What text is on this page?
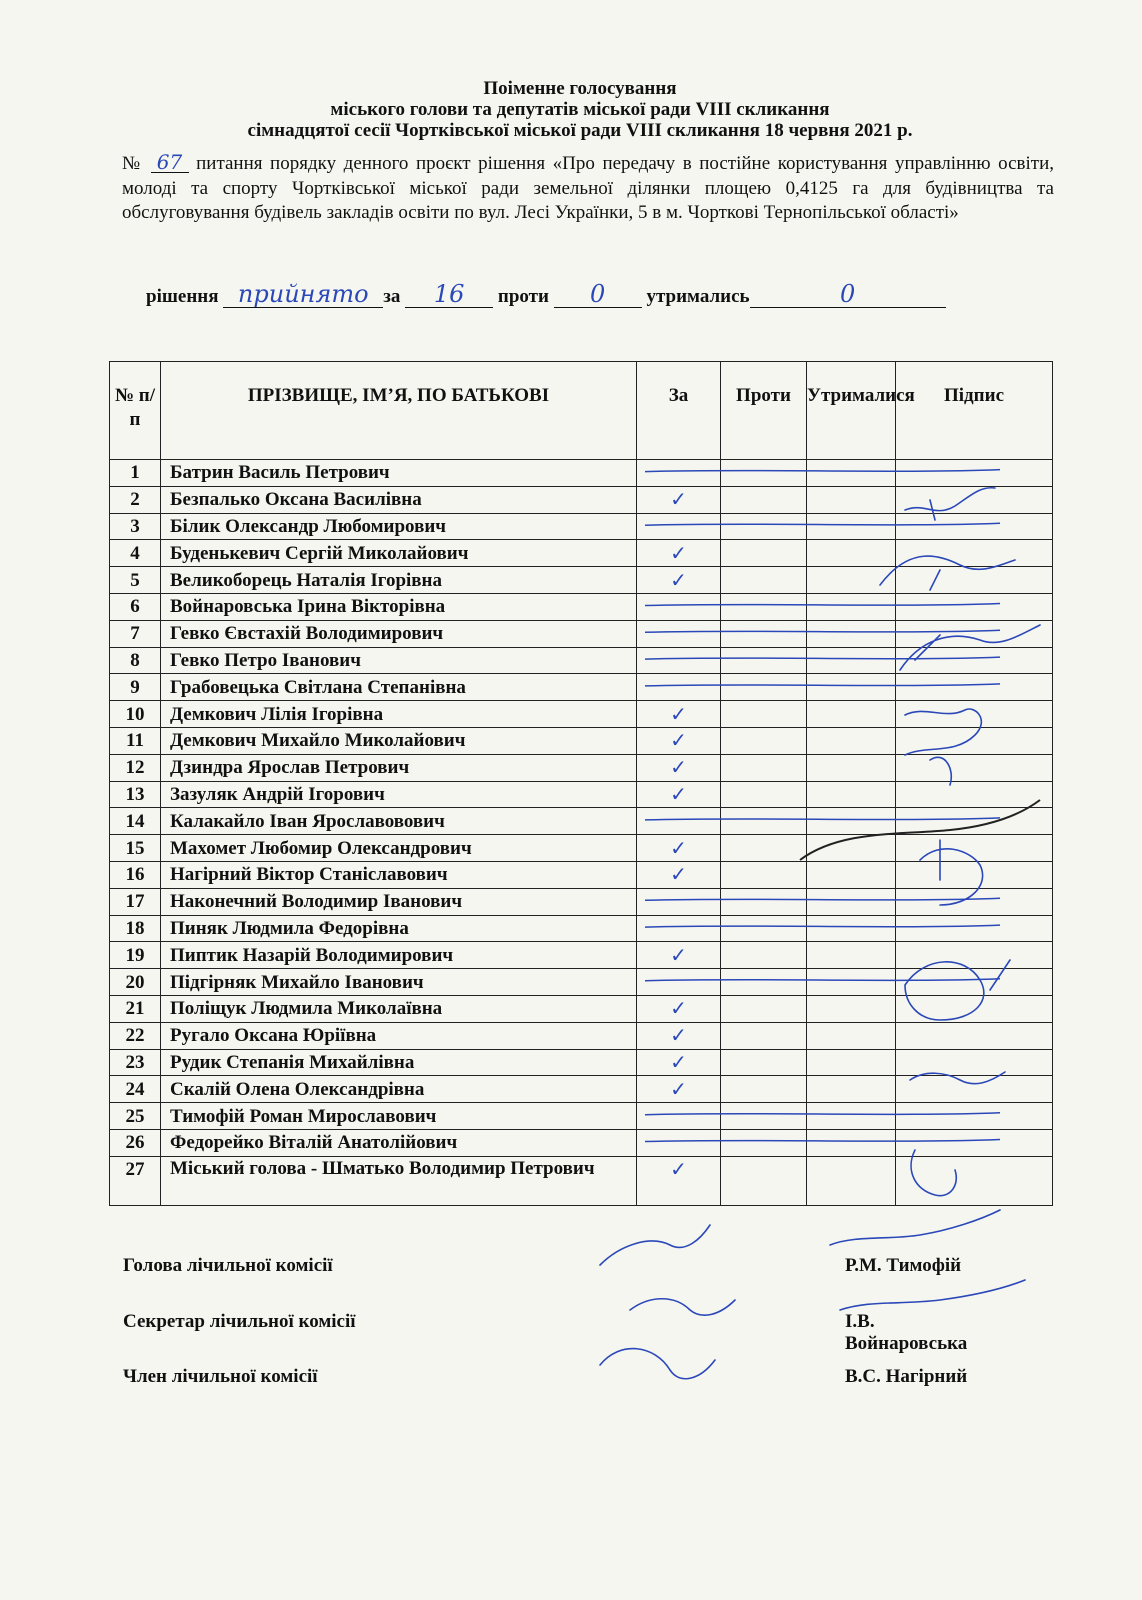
Поіменне голосування
міського голови та депутатів міської ради VIII скликання
сімнадцятої сесії Чортківської міської ради VIII скликання 18 червня 2021 р.
№ 67 питання порядку денного проєкт рішення «Про передачу в постійне користування управлінню освіти, молоді та спорту Чортківської міської ради земельної ділянки площею 0,4125 га для будівництва та обслуговування будівель закладів освіти по вул. Лесі Українки, 5 в м. Чорткові Тернопільської області»
рішення прийнято за 16 проти 0 утримались	0
№ п/п	ПРІЗВИЩЕ, ІМ’Я, ПО БАТЬКОВІ	За	Проти	Утрималися	Підпис
1	Батрин Василь Петрович				
2	Безпалько Оксана Василівна	✓			
3	Білик Олександр Любомирович				
4	Буденькевич Сергій Миколайович	✓			
5	Великоборець Наталія Ігорівна	✓			
6	Войнаровська Ірина Вікторівна				
7	Гевко Євстахій Володимирович				
8	Гевко Петро Іванович				
9	Грабовецька Світлана Степанівна				
10	Демкович Лілія Ігорівна	✓			
11	Демкович Михайло Миколайович	✓			
12	Дзиндра Ярослав Петрович	✓			
13	Зазуляк Андрій Ігорович	✓			
14	Калакайло Іван Ярославовович				
15	Махомет Любомир Олександрович	✓			
16	Нагірний Віктор Станіславович	✓			
17	Наконечний Володимир Іванович				
18	Пиняк Людмила Федорівна				
19	Пиптик Назарій Володимирович	✓			
20	Підгірняк Михайло Іванович				
21	Поліщук Людмила Миколаївна	✓			
22	Ругало Оксана Юріївна	✓			
23	Рудик Степанія Михайлівна	✓			
24	Скалій Олена Олександрівна	✓			
25	Тимофій Роман Мирославович				
26	Федорейко Віталій Анатолійович				
27	Міський голова - Шматько Володимир Петрович	✓			
Голова лічильної комісії	Р.М. Тимофій
Секретар лічильної комісії	І.В. Войнаровська
Член лічильної комісії	В.С. Нагірний
